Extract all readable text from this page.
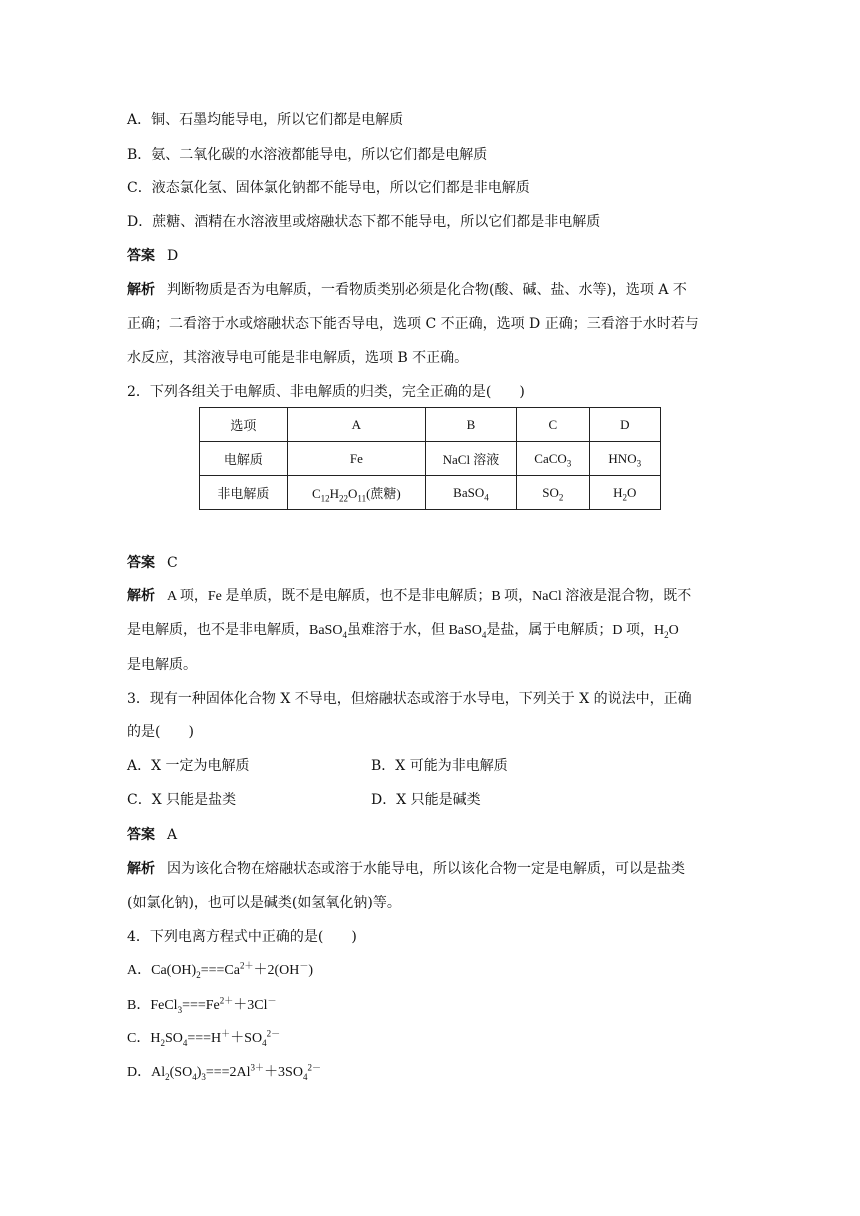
A．铜、石墨均能导电，所以它们都是电解质
B．氨、二氧化碳的水溶液都能导电，所以它们都是电解质
C．液态氯化氢、固体氯化钠都不能导电，所以它们都是非电解质
D．蔗糖、酒精在水溶液里或熔融状态下都不能导电，所以它们都是非电解质
答案 D
解析 判断物质是否为电解质，一看物质类别必须是化合物(酸、碱、盐、水等)，选项 A 不
正确；二看溶于水或熔融状态下能否导电，选项 C 不正确，选项 D 正确；三看溶于水时若与
水反应，其溶液导电可能是非电解质，选项 B 不正确。
2．下列各组关于电解质、非电解质的归类，完全正确的是(　　)
选项	A	B	C	D
电解质	Fe	NaCl 溶液	CaCO$_3$	$HNO_3$
非电解质	$C_{12}H_{22}O_{11}$(蔗糖)	BaSO$_4$	$SO_2$	$H_2O$
答案 C
解析 A 项，Fe 是单质，既不是电解质，也不是非电解质；B 项，NaCl 溶液是混合物，既不
是电解质，也不是非电解质，BaSO$_4$虽难溶于水，但 BaSO$_4$是盐，属于电解质；D 项，$H_2O$
是电解质。
3．现有一种固体化合物 X 不导电，但熔融状态或溶于水导电，下列关于 X 的说法中，正确
的是(　　)
A．X 一定为电解质	B．X 可能为非电解质
C．X 只能是盐类	D．X 只能是碱类
答案 A
解析 因为该化合物在熔融状态或溶于水能导电，所以该化合物一定是电解质，可以是盐类
(如氯化钠)，也可以是碱类(如氢氧化钠)等。
4．下列电离方程式中正确的是(　　)
A．$Ca(OH)_2===Ca^{2+}+2(OH^-)$
B．$FeCl_3===Fe^{2+}+3Cl^-$
C．$H_2SO_4===H^++SO_4^{2-}$
D．$Al_2(SO_4)_3===2Al^{3+}+3SO_4^{2-}$
